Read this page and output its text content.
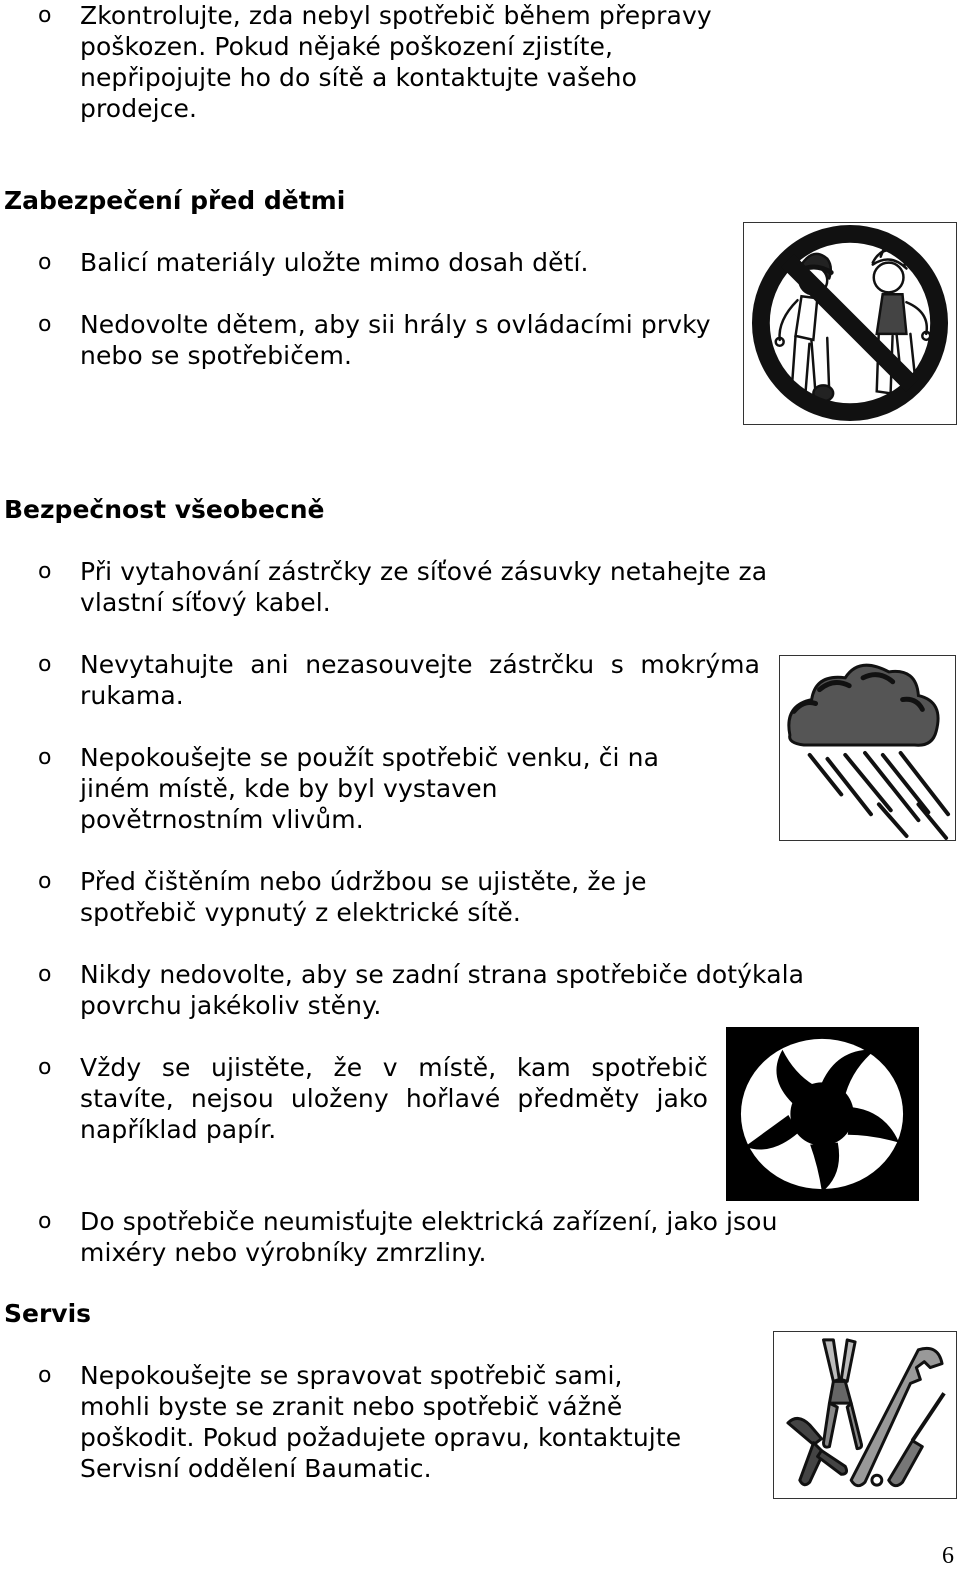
o Zkontrolujte, zda nebyl spotřebič během přepravy
poškozen. Pokud nějaké poškození zjistíte,
nepřipojujte ho do sítě a kontaktujte vašeho
prodejce.
Zabezpečení před dětmi
o Balicí materiály uložte mimo dosah dětí.
o Nedovolte dětem, aby sii hrály s ovládacími prvky
nebo se spotřebičem.
Bezpečnost všeobecně
o Při vytahování zástrčky ze síťové zásuvky netahejte za
vlastní síťový kabel.
o Nevytahujte ani nezasouvejte zástrčku s mokrýma
rukama.
o Nepokoušejte se použít spotřebič venku, či na
jiném místě, kde by byl vystaven
povětrnostním vlivům.
o Před čištěním nebo údržbou se ujistěte, že je
spotřebič vypnutý z elektrické sítě.
o Nikdy nedovolte, aby se zadní strana spotřebiče dotýkala
povrchu jakékoliv stěny.
o Vždy se ujistěte, že v místě, kam spotřebič
stavíte, nejsou uloženy hořlavé předměty jako
například papír.
o Do spotřebiče neumisťujte elektrická zařízení, jako jsou
mixéry nebo výrobníky zmrzliny.
Servis
o Nepokoušejte se spravovat spotřebič sami,
mohli byste se zranit nebo spotřebič vážně
poškodit. Pokud požadujete opravu, kontaktujte
Servisní oddělení Baumatic.
6
